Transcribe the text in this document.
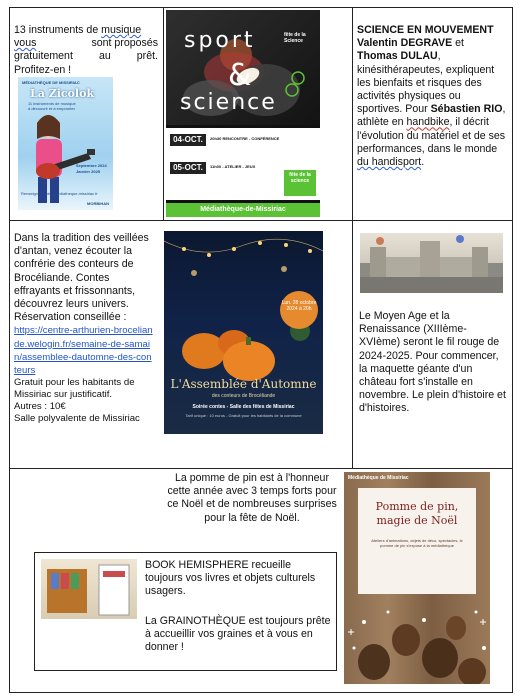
13 instruments de musique
vous	sont proposés
gratuitement au prêt.
Profitez-en !
MÉDIATHÈQUE DE MISSIRIAC
La Zicolok
11 instruments de musique à découvrir et à emprunter
Septembre 2024
Janvier 2025
Renseignements : mediatheque.missiriac.fr
MORBIHAN
sport
&
science
fête de la Science
04-OCT.	20h30 RENCONTRE - CONFÉRENCE
05-OCT.	11h00 - ATELIER - JEUX
fête de la science
Médiathèque-de-Missiriac
SCIENCE EN MOUVEMENT
Valentin DEGRAVE et
Thomas DULAU, kinésithérapeutes, expliquent les bienfaits et risques des activités physiques ou sportives. Pour Sébastien RIO, athlète en handbike, il décrit l'évolution du matériel et de ses performances, dans le monde du handisport.
Dans la tradition des veillées d'antan, venez écouter la confrérie des conteurs de Brocéliande. Contes effrayants et frissonnants, découvrez leurs univers.
Réservation conseillée :
https://centre-arthurien-broceliande.welogin.fr/semaine-de-samain/assemblee-dautomne-des-conteurs
Gratuit pour les habitants de Missiriac sur justificatif.
Autres : 10€
Salle polyvalente de Missiriac
Lun. 28 octobre 2024 à 20h
L'Assemblée d'Automne
des conteurs de Brocéliande
Soirée contes - Salle des fêtes de Missiriac
Tarif unique : 10 euros - Gratuit pour les habitants de la commune
Le Moyen Age et la Renaissance (XIIIème-XVIème) seront le fil rouge de 2024-2025. Pour commencer, la maquette géante d'un château fort s'installe en novembre. Le plein d'histoire et d'histoires.
La pomme de pin est à l'honneur cette année avec 3 temps forts pour ce Noël et de nombreuses surprises pour la fête de Noël.
BOOK HEMISPHERE recueille toujours vos livres et objets culturels usagers.
La GRAINOTHÈQUE est toujours prête à accueillir vos graines et à vous en donner !
Médiathèque de Missiriac
Pomme de pin, magie de Noël
Ateliers d'animations, objets de déco, spectacles, le pomme de pin s'expose à la médiathèque
